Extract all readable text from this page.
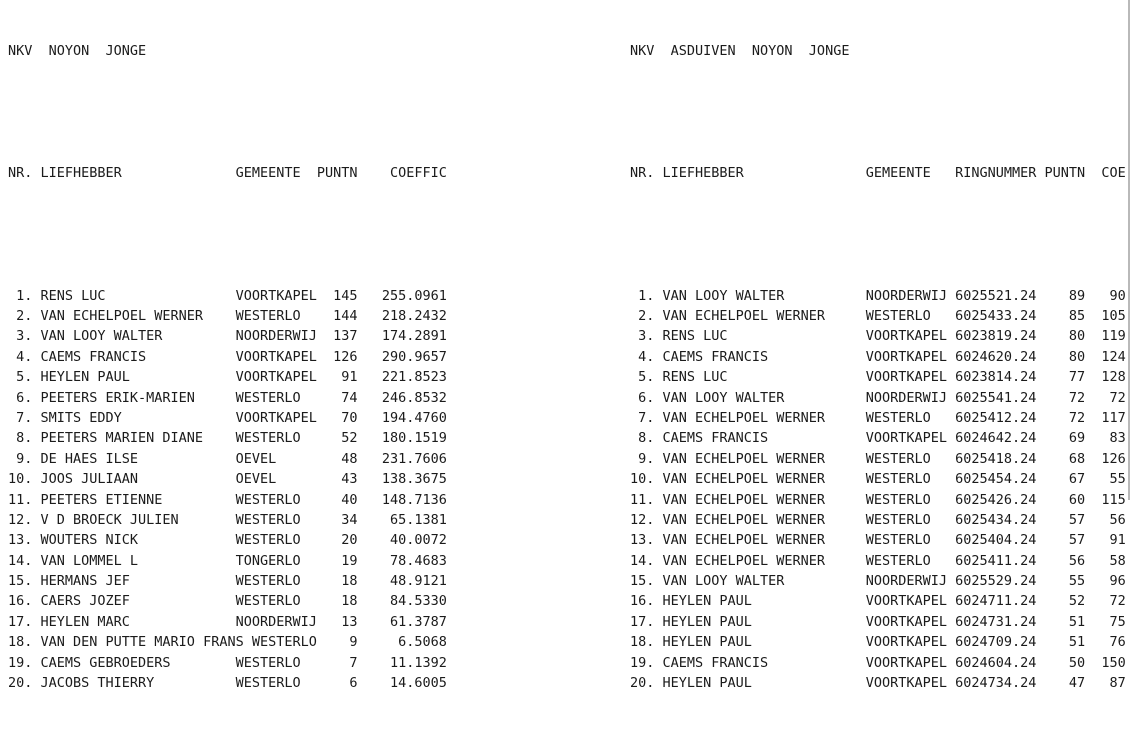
NKV  NOYON  JONGE

NR. LIEFHEBBER              GEMEENTE  PUNTN    COEFFIC

1. RENS LUC                VOORTKAPEL  145   255.0961
2. VAN ECHELPOEL WERNER    WESTERLO    144   218.2432
3. VAN LOOY WALTER         NOORDERWIJ  137   174.2891
4. CAEMS FRANCIS           VOORTKAPEL  126   290.9657
5. HEYLEN PAUL             VOORTKAPEL   91   221.8523
6. PEETERS ERIK-MARIEN     WESTERLO     74   246.8532
7. SMITS EDDY              VOORTKAPEL   70   194.4760
8. PEETERS MARIEN DIANE    WESTERLO     52   180.1519
9. DE HAES ILSE            OEVEL        48   231.7606
10. JOOS JULIAAN            OEVEL        43   138.3675
11. PEETERS ETIENNE         WESTERLO     40   148.7136
12. V D BROECK JULIEN       WESTERLO     34    65.1381
13. WOUTERS NICK            WESTERLO     20    40.0072
14. VAN LOMMEL L            TONGERLO     19    78.4683
15. HERMANS JEF             WESTERLO     18    48.9121
16. CAERS JOZEF             WESTERLO     18    84.5330
17. HEYLEN MARC             NOORDERWIJ   13    61.3787
18. VAN DEN PUTTE MARIO FRANS WESTERLO    9     6.5068
19. CAEMS GEBROEDERS        WESTERLO      7    11.1392
20. JACOBS THIERRY          WESTERLO      6    14.6005

NKV  ASDUIVEN  NOYON  JONGE

NR. LIEFHEBBER               GEMEENTE   RINGNUMMER PUNTN  COE

1. VAN LOOY WALTER          NOORDERWIJ 6025521.24    89   90
2. VAN ECHELPOEL WERNER     WESTERLO   6025433.24    85  105
3. RENS LUC                 VOORTKAPEL 6023819.24    80  119
4. CAEMS FRANCIS            VOORTKAPEL 6024620.24    80  124
5. RENS LUC                 VOORTKAPEL 6023814.24    77  128
6. VAN LOOY WALTER          NOORDERWIJ 6025541.24    72   72
7. VAN ECHELPOEL WERNER     WESTERLO   6025412.24    72  117
8. CAEMS FRANCIS            VOORTKAPEL 6024642.24    69   83
9. VAN ECHELPOEL WERNER     WESTERLO   6025418.24    68  126
10. VAN ECHELPOEL WERNER     WESTERLO   6025454.24    67   55
11. VAN ECHELPOEL WERNER     WESTERLO   6025426.24    60  115
12. VAN ECHELPOEL WERNER     WESTERLO   6025434.24    57   56
13. VAN ECHELPOEL WERNER     WESTERLO   6025404.24    57   91
14. VAN ECHELPOEL WERNER     WESTERLO   6025411.24    56   58
15. VAN LOOY WALTER          NOORDERWIJ 6025529.24    55   96
16. HEYLEN PAUL              VOORTKAPEL 6024711.24    52   72
17. HEYLEN PAUL              VOORTKAPEL 6024731.24    51   75
18. HEYLEN PAUL              VOORTKAPEL 6024709.24    51   76
19. CAEMS FRANCIS            VOORTKAPEL 6024604.24    50  150
20. HEYLEN PAUL              VOORTKAPEL 6024734.24    47   87
